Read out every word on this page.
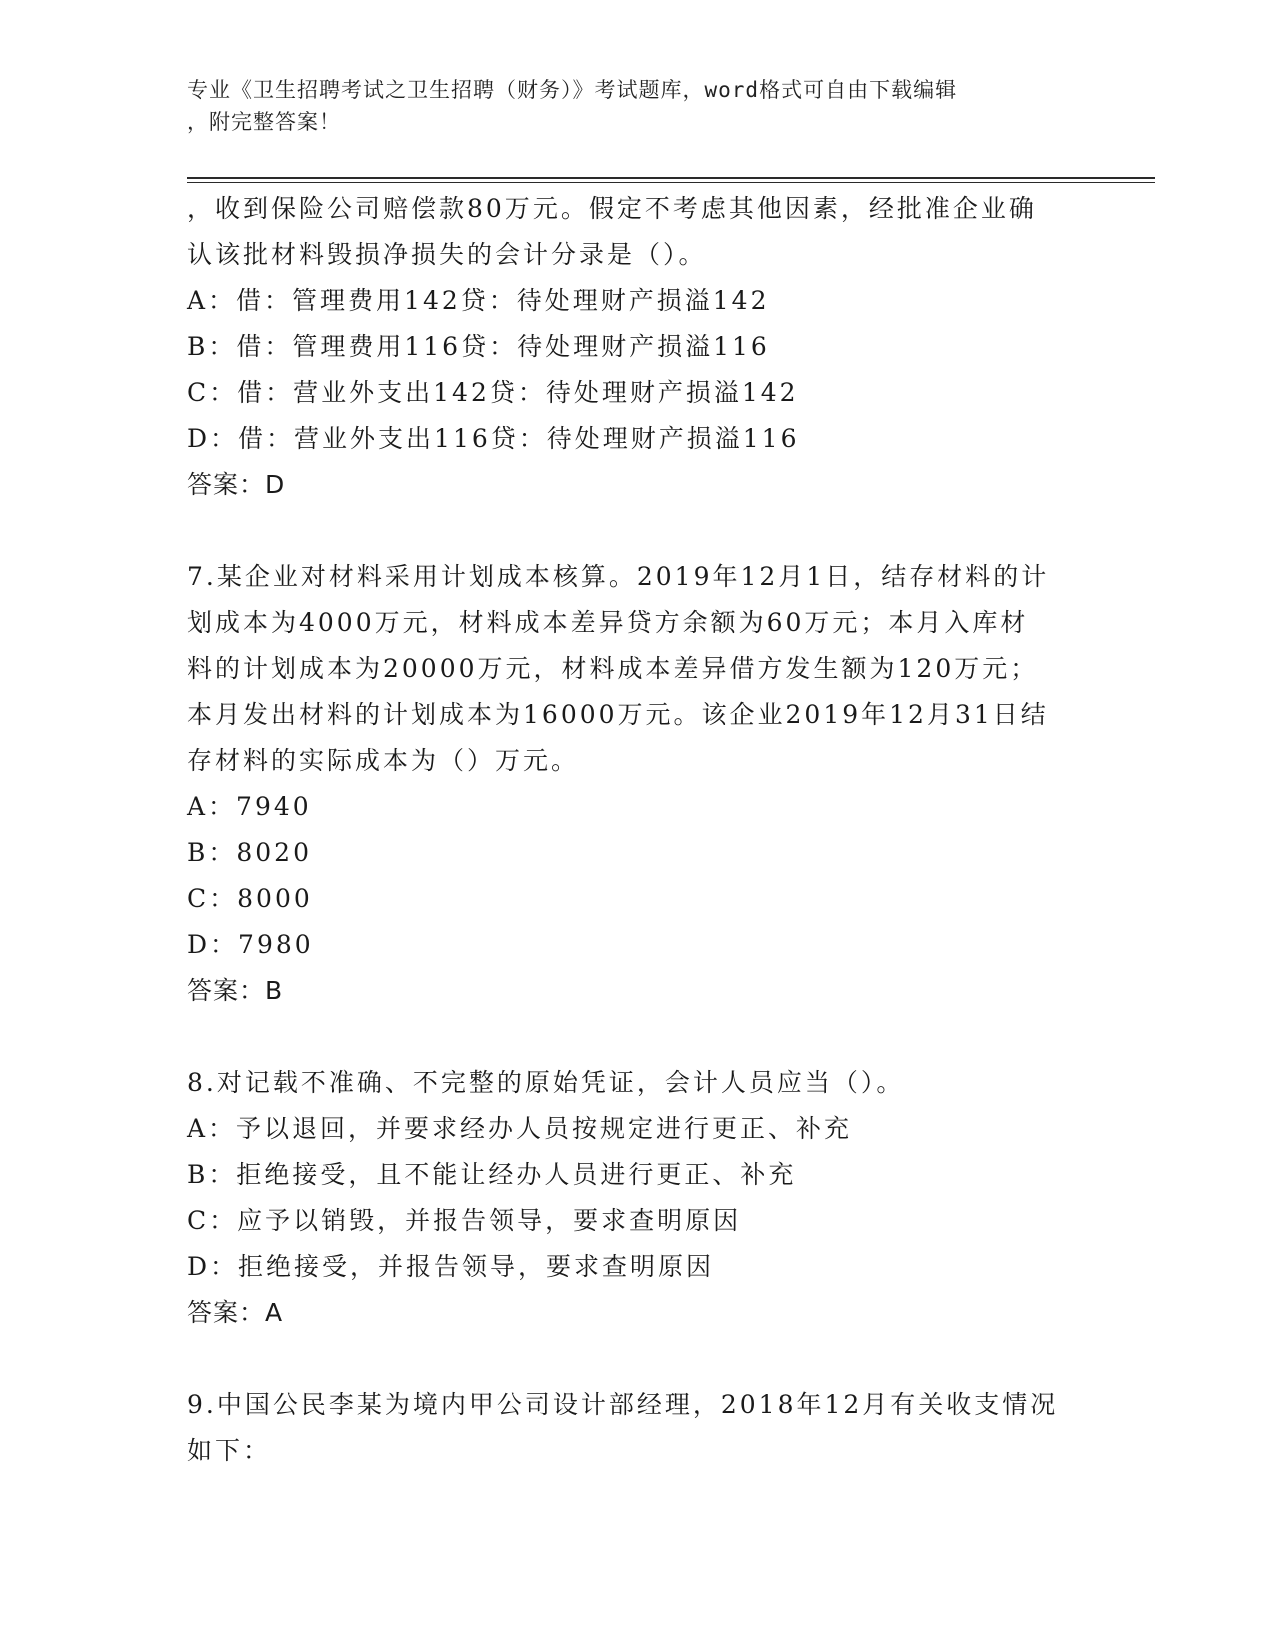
专业《卫生招聘考试之卫生招聘（财务）》考试题库，word格式可自由下载编辑
，附完整答案！
，收到保险公司赔偿款80万元。假定不考虑其他因素，经批准企业确
认该批材料毁损净损失的会计分录是（）。
A：借：管理费用142贷：待处理财产损溢142
B：借：管理费用116贷：待处理财产损溢116
C：借：营业外支出142贷：待处理财产损溢142
D：借：营业外支出116贷：待处理财产损溢116
答案：D
7.某企业对材料采用计划成本核算。2019年12月1日，结存材料的计
划成本为4000万元，材料成本差异贷方余额为60万元；本月入库材
料的计划成本为20000万元，材料成本差异借方发生额为120万元；
本月发出材料的计划成本为16000万元。该企业2019年12月31日结
存材料的实际成本为（）万元。
A：7940
B：8020
C：8000
D：7980
答案：B
8.对记载不准确、不完整的原始凭证，会计人员应当（）。
A：予以退回，并要求经办人员按规定进行更正、补充
B：拒绝接受，且不能让经办人员进行更正、补充
C：应予以销毁，并报告领导，要求查明原因
D：拒绝接受，并报告领导，要求查明原因
答案：A
9.中国公民李某为境内甲公司设计部经理，2018年12月有关收支情况
如下：
